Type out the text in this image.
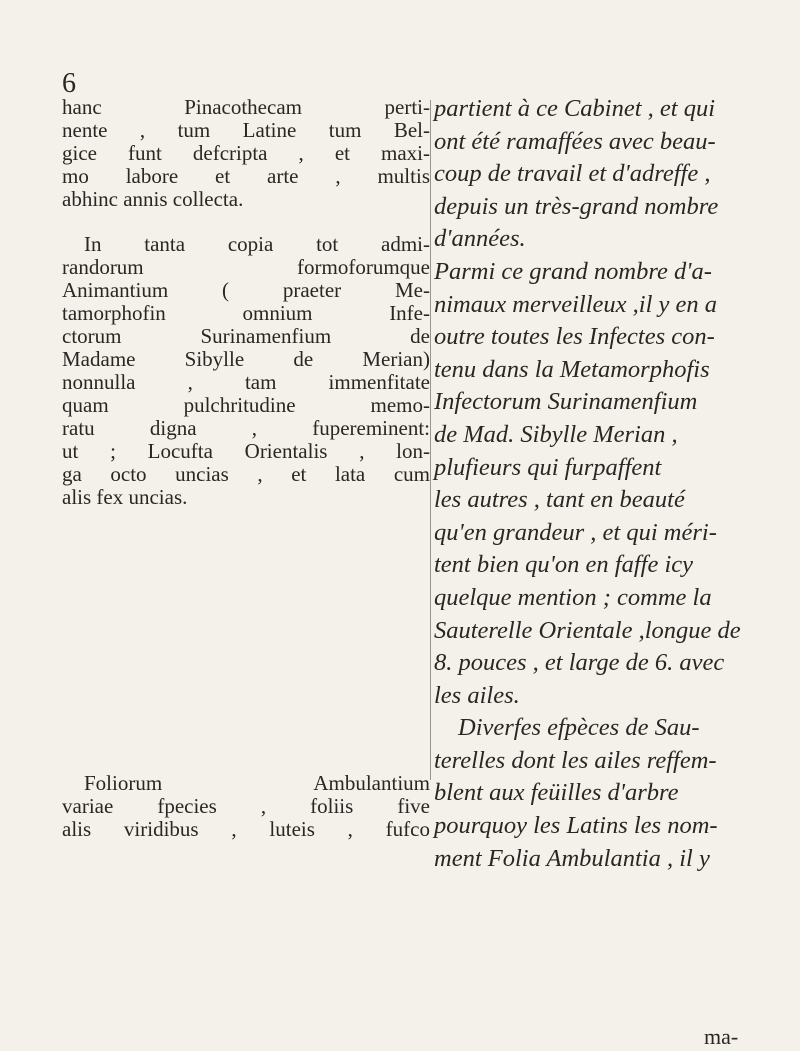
6
hanc Pinacothecam perti-
nente , tum Latine tum Bel-
gice funt defcripta , et maxi-
mo labore et arte , multis
abhinc annis collecta.
In tanta copia tot admi-
randorum formoforumque
Animantium ( praeter Me-
tamorphofin omnium Infe-
ctorum Surinamenfium de
Madame Sibylle de Merian)
nonnulla , tam immenfitate
quam pulchritudine memo-
ratu digna , fupereminent:
ut ; Locufta Orientalis , lon-
ga octo uncias , et lata cum
alis fex uncias.
Foliorum Ambulantium
variae fpecies , foliis five
alis viridibus , luteis , fufco
partient à ce Cabinet , et qui
ont été ramaffées avec beau-
coup de travail et d'adreffe ,
depuis un très-grand nombre
d'années.
Parmi ce grand nombre d'a-
nimaux merveilleux ,il y en a
outre toutes les Infectes con-
tenu dans la Metamorphofis
Infectorum Surinamenfium
de Mad. Sibylle Merian ,
plufieurs qui furpaffent
les autres , tant en beauté
qu'en grandeur , et qui méri-
tent bien qu'on en faffe icy
quelque mention ; comme la
Sauterelle Orientale ,longue de
8. pouces , et large de 6. avec
les ailes.
Diverfes efpèces de Sau-
terelles dont les ailes reffem-
blent aux feüilles d'arbre
pourquoy les Latins les nom-
ment Folia Ambulantia , il y
ma-
